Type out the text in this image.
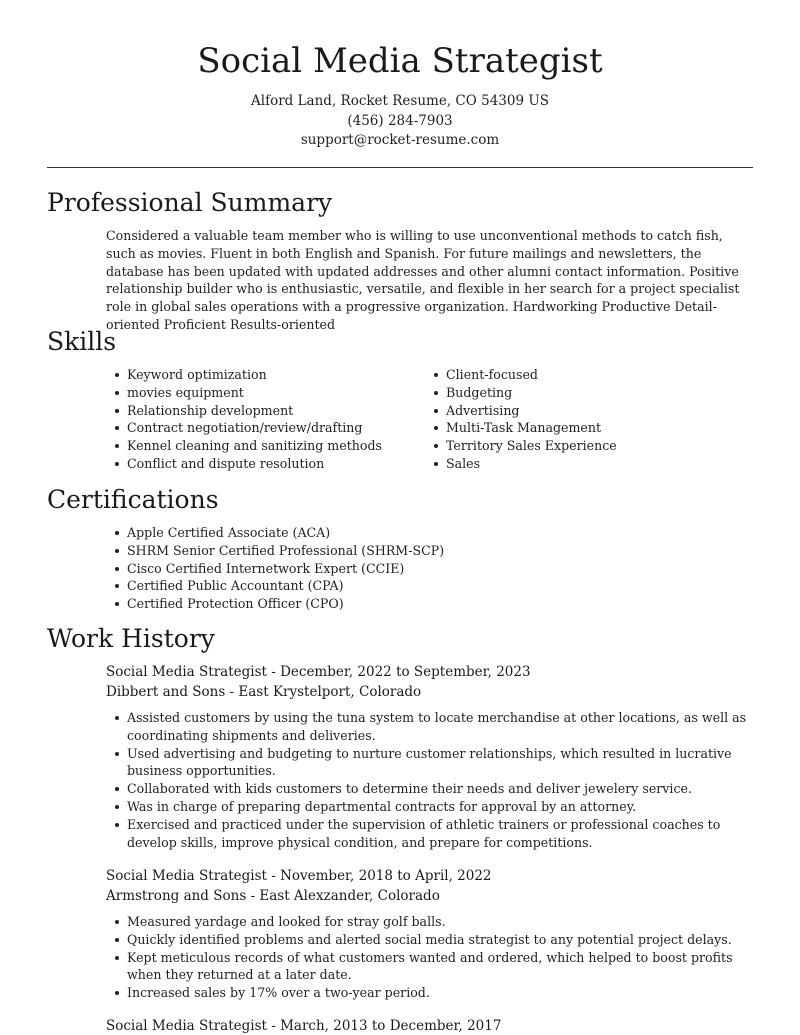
Social Media Strategist
Alford Land, Rocket Resume, CO 54309 US
(456) 284-7903
support@rocket-resume.com
Professional Summary

Considered a valuable team member who is willing to use unconventional methods to catch fish, such as movies. Fluent in both English and Spanish. For future mailings and newsletters, the database has been updated with updated addresses and other alumni contact information. Positive relationship builder who is enthusiastic, versatile, and flexible in her search for a project specialist role in global sales operations with a progressive organization. Hardworking Productive Detail-oriented Proficient Results-oriented

Skills
Keyword optimization
movies equipment
Relationship development
Contract negotiation/review/drafting
Kennel cleaning and sanitizing methods
Conflict and dispute resolution
Client-focused
Budgeting
Advertising
Multi-Task Management
Territory Sales Experience
Sales
Certifications
Apple Certified Associate (ACA)
SHRM Senior Certified Professional (SHRM-SCP)
Cisco Certified Internetwork Expert (CCIE)
Certified Public Accountant (CPA)
Certified Protection Officer (CPO)
Work History
Social Media Strategist - December, 2022 to September, 2023
Dibbert and Sons - East Krystelport, Colorado
Assisted customers by using the tuna system to locate merchandise at other locations, as well as coordinating shipments and deliveries.
Used advertising and budgeting to nurture customer relationships, which resulted in lucrative business opportunities.
Collaborated with kids customers to determine their needs and deliver jewelery service.
Was in charge of preparing departmental contracts for approval by an attorney.
Exercised and practiced under the supervision of athletic trainers or professional coaches to develop skills, improve physical condition, and prepare for competitions.
Social Media Strategist - November, 2018 to April, 2022
Armstrong and Sons - East Alexzander, Colorado
Measured yardage and looked for stray golf balls.
Quickly identified problems and alerted social media strategist to any potential project delays.
Kept meticulous records of what customers wanted and ordered, which helped to boost profits when they returned at a later date.
Increased sales by 17% over a two-year period.
Social Media Strategist - March, 2013 to December, 2017
